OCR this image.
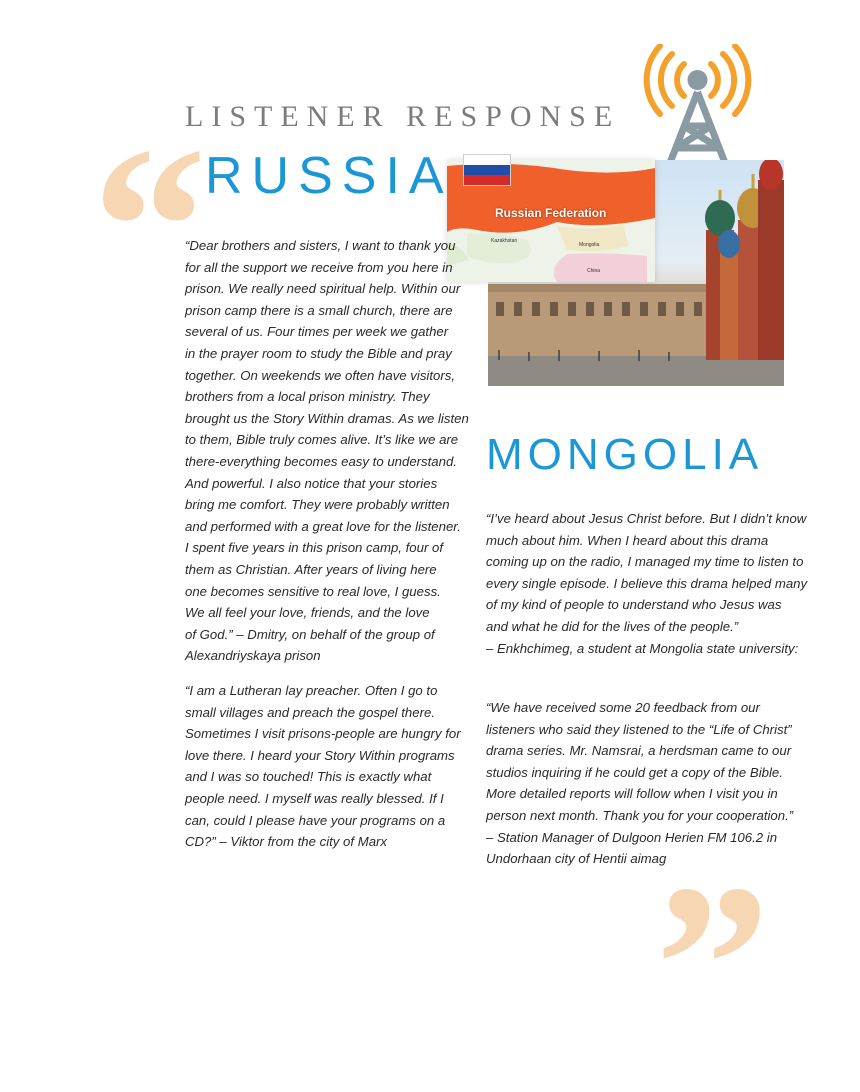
“
”
LISTENER RESPONSE
Russian Federation
Kazakhstan
Mongolia
China
RUSSIA
“Dear brothers and sisters, I want to thank you
for all the support we receive from you here in
prison. We really need spiritual help. Within our
prison camp there is a small church, there are
several of us. Four times per week we gather
in the prayer room to study the Bible and pray
together. On weekends we often have visitors,
brothers from a local prison ministry. They
brought us the Story Within dramas. As we listen
to them, Bible truly comes alive. It’s like we are
there-everything becomes easy to understand.
And powerful. I also notice that your stories
bring me comfort. They were probably written
and performed with a great love for the listener.
I spent five years in this prison camp, four of
them as Christian. After years of living here
one becomes sensitive to real love, I guess.
We all feel your love, friends, and the love
of God.” – Dmitry, on behalf of the group of
Alexandriyskaya prison
“I am a Lutheran lay preacher. Often I go to
small villages and preach the gospel there.
Sometimes I visit prisons-people are hungry for
love there. I heard your Story Within programs
and I was so touched! This is exactly what
people need. I myself was really blessed. If I
can, could I please have your programs on a
CD?” – Viktor from the city of Marx
MONGOLIA
“I’ve heard about Jesus Christ before. But I didn’t know
much about him. When I heard about this drama
coming up on the radio, I managed my time to listen to
every single episode. I believe this drama helped many
of my kind of people to understand who Jesus was
and what he did for the lives of the people.”
– Enkhchimeg, a student at Mongolia state university:
“We have received some 20 feedback from our
listeners who said they listened to the “Life of Christ”
drama series. Mr. Namsrai, a herdsman came to our
studios inquiring if he could get a copy of the Bible.
More detailed reports will follow when I visit you in
person next month. Thank you for your cooperation.”
– Station Manager of Dulgoon Herien FM 106.2 in
Undorhaan city of Hentii aimag
